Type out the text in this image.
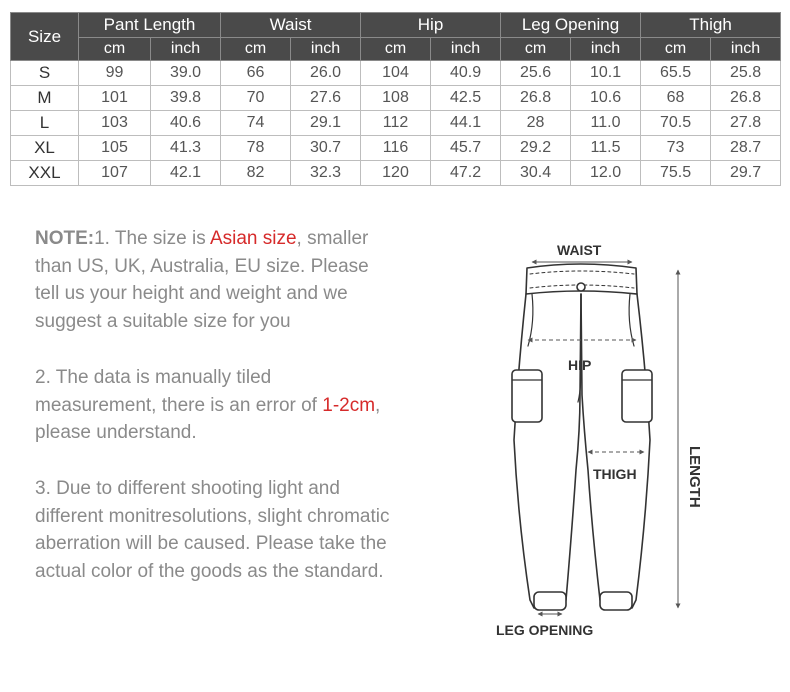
Size	Pant Length		Waist		Hip		Leg Opening		Thigh	
	cm	inch	cm	inch	cm	inch	cm	inch	cm	inch
S	99	39.0	66	26.0	104	40.9	25.6	10.1	65.5	25.8
M	101	39.8	70	27.6	108	42.5	26.8	10.6	68	26.8
L	103	40.6	74	29.1	112	44.1	28	11.0	70.5	27.8
XL	105	41.3	78	30.7	116	45.7	29.2	11.5	73	28.7
XXL	107	42.1	82	32.3	120	47.2	30.4	12.0	75.5	29.7

NOTE:1. The size is Asian size, smaller than US, UK, Australia, EU size. Please tell us your height and weight and we suggest a suitable size for you

2. The data is manually tiled measurement, there is an error of 1-2cm, please understand.

3. Due to different shooting light and different monitresolutions, slight chromatic aberration will be caused. Please take the actual color of the goods as the standard.

WAIST
HIP
THIGH	LENGTH
LEG OPENING
